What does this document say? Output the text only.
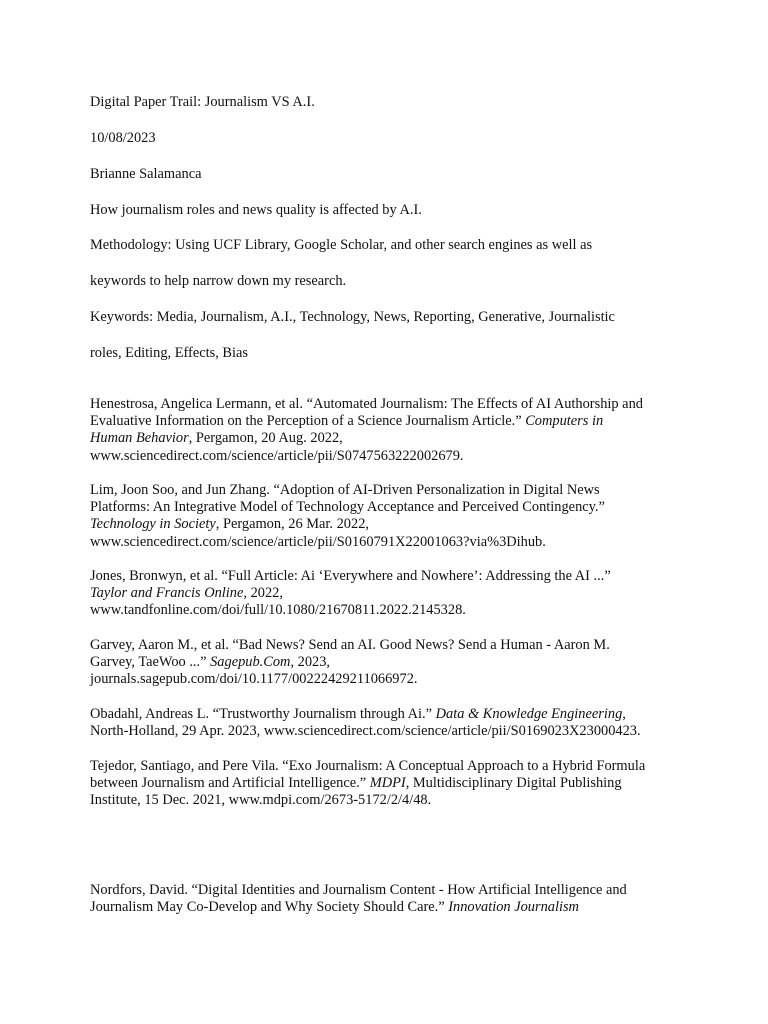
Digital Paper Trail: Journalism VS A.I.
10/08/2023
Brianne Salamanca
How journalism roles and news quality is affected by A.I.
Methodology: Using UCF Library, Google Scholar, and other search engines as well as
keywords to help narrow down my research.
Keywords: Media, Journalism, A.I., Technology, News, Reporting, Generative, Journalistic
roles, Editing, Effects, Bias
Henestrosa, Angelica Lermann, et al. “Automated Journalism: The Effects of AI Authorship and
Evaluative Information on the Perception of a Science Journalism Article.” Computers in
Human Behavior, Pergamon, 20 Aug. 2022,
www.sciencedirect.com/science/article/pii/S0747563222002679.
Lim, Joon Soo, and Jun Zhang. “Adoption of AI-Driven Personalization in Digital News
Platforms: An Integrative Model of Technology Acceptance and Perceived Contingency.”
Technology in Society, Pergamon, 26 Mar. 2022,
www.sciencedirect.com/science/article/pii/S0160791X22001063?via%3Dihub.
Jones, Bronwyn, et al. “Full Article: Ai ‘Everywhere and Nowhere’: Addressing the AI ...”
Taylor and Francis Online, 2022,
www.tandfonline.com/doi/full/10.1080/21670811.2022.2145328.
Garvey, Aaron M., et al. “Bad News? Send an AI. Good News? Send a Human - Aaron M.
Garvey, TaeWoo ...” Sagepub.Com, 2023,
journals.sagepub.com/doi/10.1177/00222429211066972.
Obadahl, Andreas L. “Trustworthy Journalism through Ai.” Data & Knowledge Engineering,
North-Holland, 29 Apr. 2023, www.sciencedirect.com/science/article/pii/S0169023X23000423.
Tejedor, Santiago, and Pere Vila. “Exo Journalism: A Conceptual Approach to a Hybrid Formula
between Journalism and Artificial Intelligence.” MDPI, Multidisciplinary Digital Publishing
Institute, 15 Dec. 2021, www.mdpi.com/2673-5172/2/4/48.
Nordfors, David. “Digital Identities and Journalism Content - How Artificial Intelligence and
Journalism May Co-Develop and Why Society Should Care.” Innovation Journalism
